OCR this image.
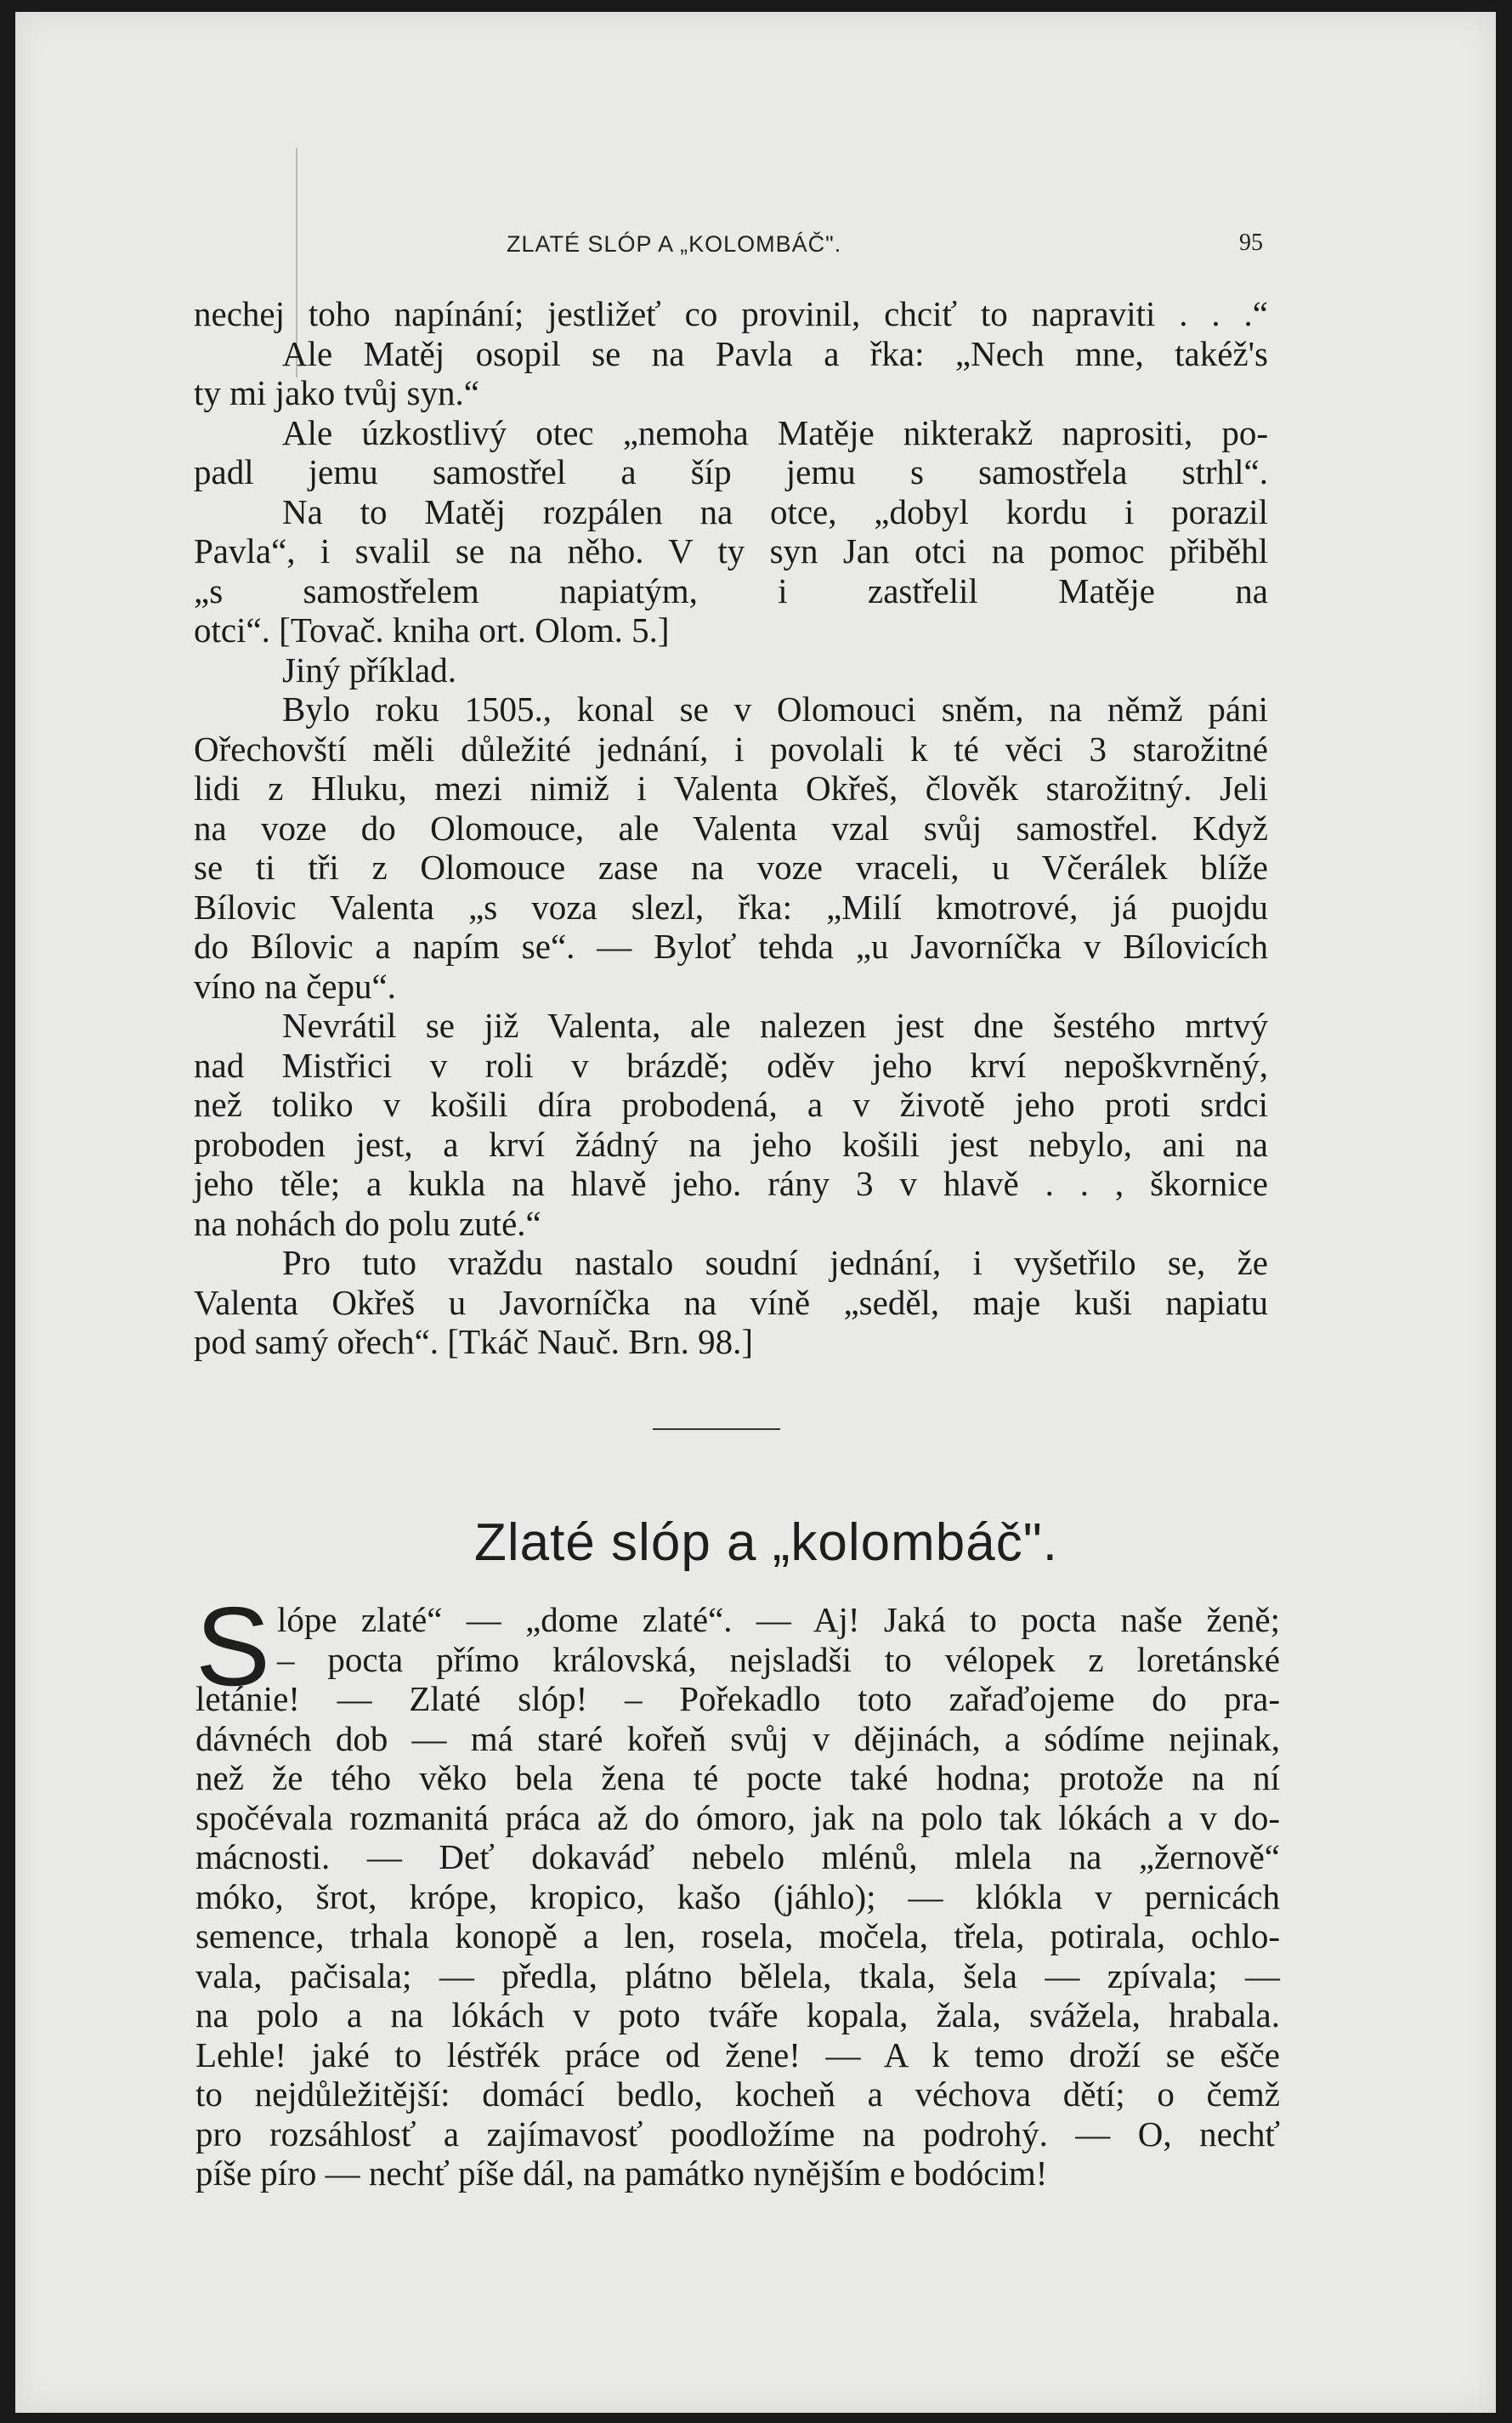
ZLATÉ SLÓP A „KOLOMBÁČ".	95
nechej toho napínání; jestližeť co provinil, chciť to napraviti . . .“
Ale Matěj osopil se na Pavla a řka: „Nech mne, takéž's
ty mi jako tvůj syn.“
Ale úzkostlivý otec „nemoha Matěje nikterakž naprositi, po-
padl jemu samostřel a šíp jemu s samostřela strhl“.
Na to Matěj rozpálen na otce, „dobyl kordu i porazil
Pavla“, i svalil se na něho. V ty syn Jan otci na pomoc přiběhl
„s samostřelem napiatým, i zastřelil Matěje na
otci“. [Tovač. kniha ort. Olom. 5.]
Jiný příklad.
Bylo roku 1505., konal se v Olomouci sněm, na němž páni
Ořechovští měli důležité jednání, i povolali k té věci 3 starožitné
lidi z Hluku, mezi nimiž i Valenta Okřeš, člověk starožitný. Jeli
na voze do Olomouce, ale Valenta vzal svůj samostřel. Když
se ti tři z Olomouce zase na voze vraceli, u Včerálek blíže
Bílovic Valenta „s voza slezl, řka: „Milí kmotrové, já puojdu
do Bílovic a napím se“. — Byloť tehda „u Javorníčka v Bílovicích
víno na čepu“.
Nevrátil se již Valenta, ale nalezen jest dne šestého mrtvý
nad Mistřici v roli v brázdě; oděv jeho krví nepoškvrněný,
než toliko v košili díra probodená, a v životě jeho proti srdci
proboden jest, a krví žádný na jeho košili jest nebylo, ani na
jeho těle; a kukla na hlavě jeho. rány 3 v hlavě . . , škornice
na nohách do polu zuté.“
Pro tuto vraždu nastalo soudní jednání, i vyšetřilo se, že
Valenta Okřeš u Javorníčka na víně „seděl, maje kuši napiatu
pod samý ořech“. [Tkáč Nauč. Brn. 98.]
Zlaté slóp a „kolombáč".
S lópe zlaté“ — „dome zlaté“. — Aj! Jaká to pocta naše ženě;
– pocta přímo královská, nejsladši to vélopek z loretánské
letánie! — Zlaté slóp! – Pořekadlo toto zařaďojeme do pra-
dávnéch dob — má staré kořeň svůj v dějinách, a sódíme nejinak,
než že tého věko bela žena té pocte také hodna; protože na ní
spočévala rozmanitá práca až do ómoro, jak na polo tak lókách a v do-
mácnosti. — Deť dokaváď nebelo mlénů, mlela na „žernově“
móko, šrot, krópe, kropico, kašo (jáhlo); — klókla v pernicách
semence, trhala konopě a len, rosela, močela, třela, potirala, ochlo-
vala, pačisala; — předla, plátno bělela, tkala, šela — zpívala; —
na polo a na lókách v poto tváře kopala, žala, svážela, hrabala.
Lehle! jaké to léstřék práce od žene! — A k temo droží se ešče
to nejdůležitější: domácí bedlo, kocheň a véchova dětí; o čemž
pro rozsáhlosť a zajímavosť poodložíme na podrohý. — O, nechť
píše píro — nechť píše dál, na památko nynějším e bodócim!
